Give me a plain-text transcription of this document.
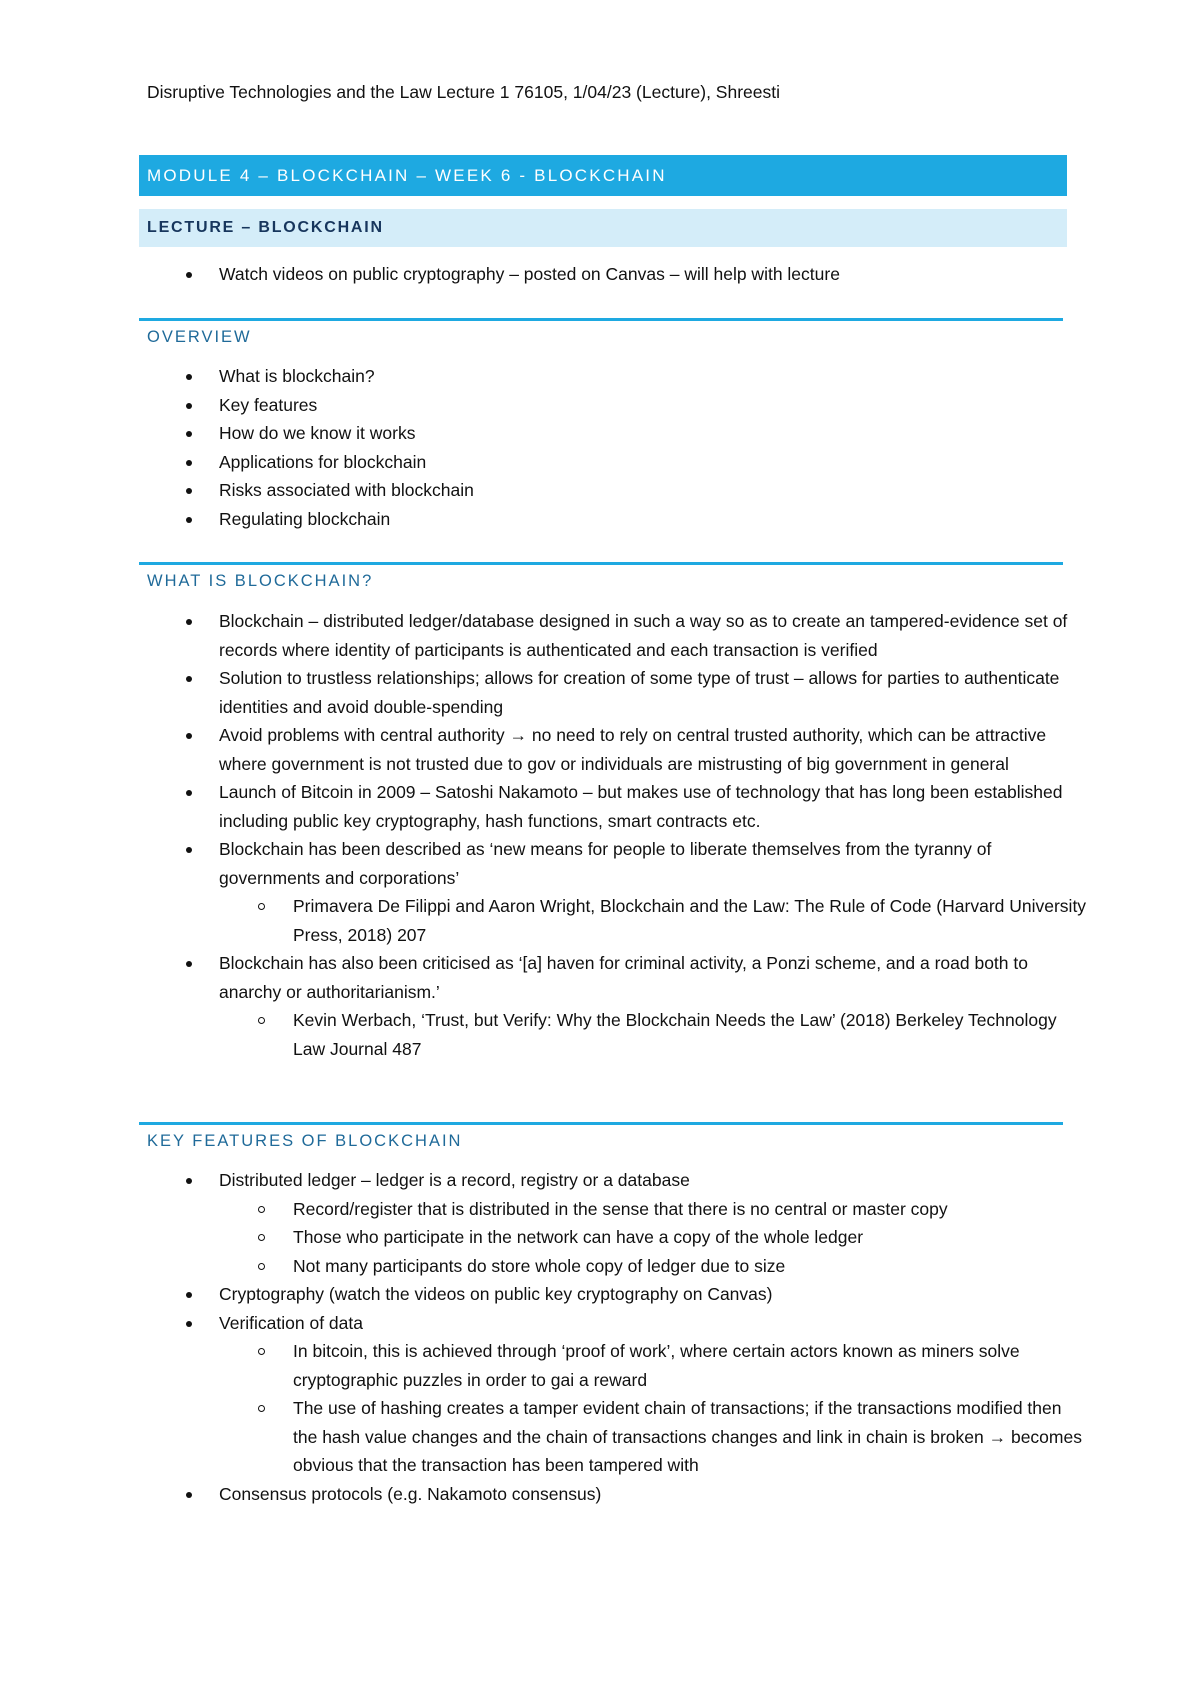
Disruptive Technologies and the Law Lecture 1 76105, 1/04/23 (Lecture), Shreesti
MODULE 4 – BLOCKCHAIN – WEEK 6 - BLOCKCHAIN
LECTURE – BLOCKCHAIN
Watch videos on public cryptography – posted on Canvas – will help with lecture
OVERVIEW
What is blockchain?
Key features
How do we know it works
Applications for blockchain
Risks associated with blockchain
Regulating blockchain
WHAT IS BLOCKCHAIN?
Blockchain – distributed ledger/database designed in such a way so as to create an tampered-evidence set of records where identity of participants is authenticated and each transaction is verified
Solution to trustless relationships; allows for creation of some type of trust – allows for parties to authenticate identities and avoid double-spending
Avoid problems with central authority → no need to rely on central trusted authority, which can be attractive where government is not trusted due to gov or individuals are mistrusting of big government in general
Launch of Bitcoin in 2009 – Satoshi Nakamoto – but makes use of technology that has long been established including public key cryptography, hash functions, smart contracts etc.
Blockchain has been described as ‘new means for people to liberate themselves from the tyranny of governments and corporations’
Primavera De Filippi and Aaron Wright, Blockchain and the Law: The Rule of Code (Harvard University Press, 2018) 207
Blockchain has also been criticised as ‘[a] haven for criminal activity, a Ponzi scheme, and a road both to anarchy or authoritarianism.’
Kevin Werbach, ‘Trust, but Verify: Why the Blockchain Needs the Law’ (2018) Berkeley Technology Law Journal 487
KEY FEATURES OF BLOCKCHAIN
Distributed ledger – ledger is a record, registry or a database
Record/register that is distributed in the sense that there is no central or master copy
Those who participate in the network can have a copy of the whole ledger
Not many participants do store whole copy of ledger due to size
Cryptography (watch the videos on public key cryptography on Canvas)
Verification of data
In bitcoin, this is achieved through ‘proof of work’, where certain actors known as miners solve cryptographic puzzles in order to gai a reward
The use of hashing creates a tamper evident chain of transactions; if the transactions modified then the hash value changes and the chain of transactions changes and link in chain is broken → becomes obvious that the transaction has been tampered with
Consensus protocols (e.g. Nakamoto consensus)
